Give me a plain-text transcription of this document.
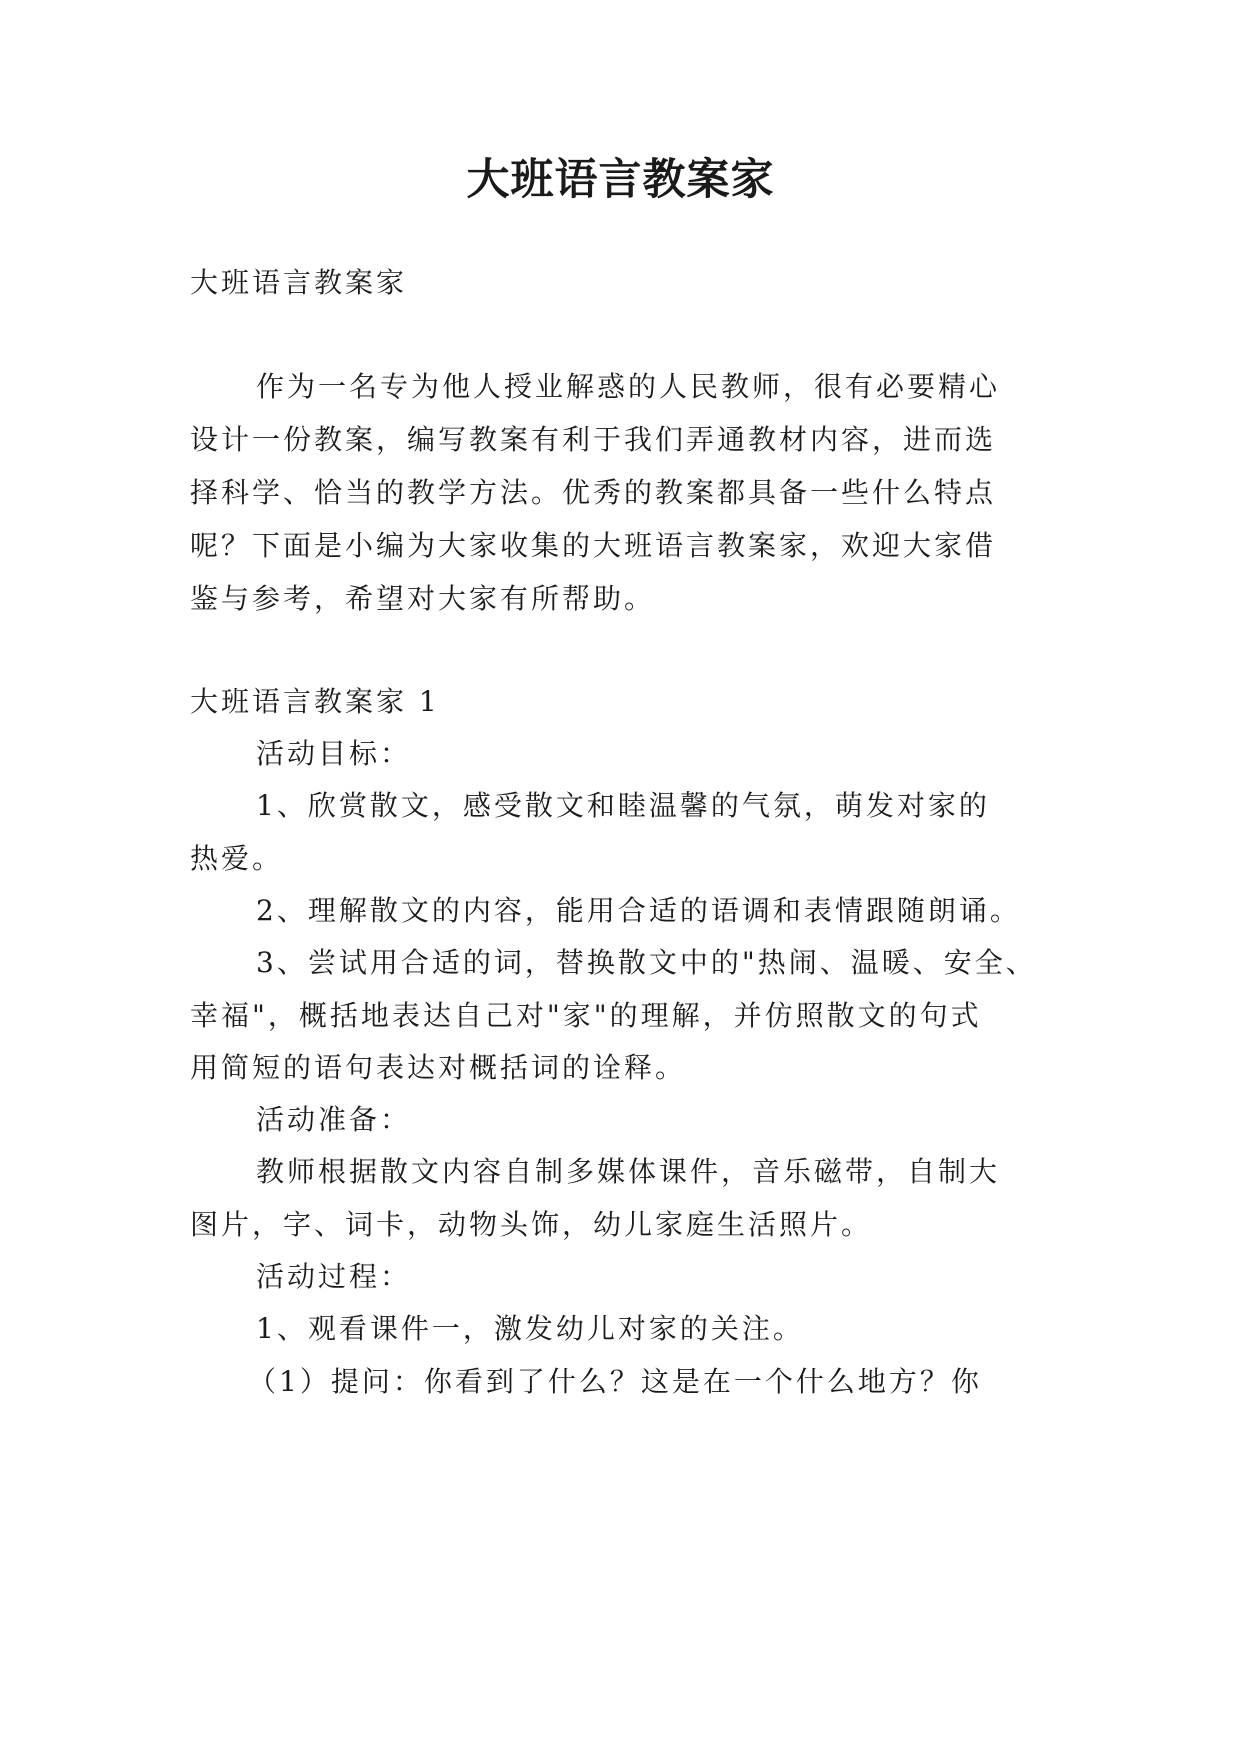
大班语言教案家
大班语言教案家
作为一名专为他人授业解惑的人民教师，很有必要精心
设计一份教案，编写教案有利于我们弄通教材内容，进而选
择科学、恰当的教学方法。优秀的教案都具备一些什么特点
呢？下面是小编为大家收集的大班语言教案家，欢迎大家借
鉴与参考，希望对大家有所帮助。
大班语言教案家 1
活动目标：
1、欣赏散文，感受散文和睦温馨的气氛，萌发对家的
热爱。
2、理解散文的内容，能用合适的语调和表情跟随朗诵。
3、尝试用合适的词，替换散文中的"热闹、温暖、安全、
幸福"，概括地表达自己对"家"的理解，并仿照散文的句式
用简短的语句表达对概括词的诠释。
活动准备：
教师根据散文内容自制多媒体课件，音乐磁带，自制大
图片，字、词卡，动物头饰，幼儿家庭生活照片。
活动过程：
1、观看课件一，激发幼儿对家的关注。
（1）提问：你看到了什么？这是在一个什么地方？你
